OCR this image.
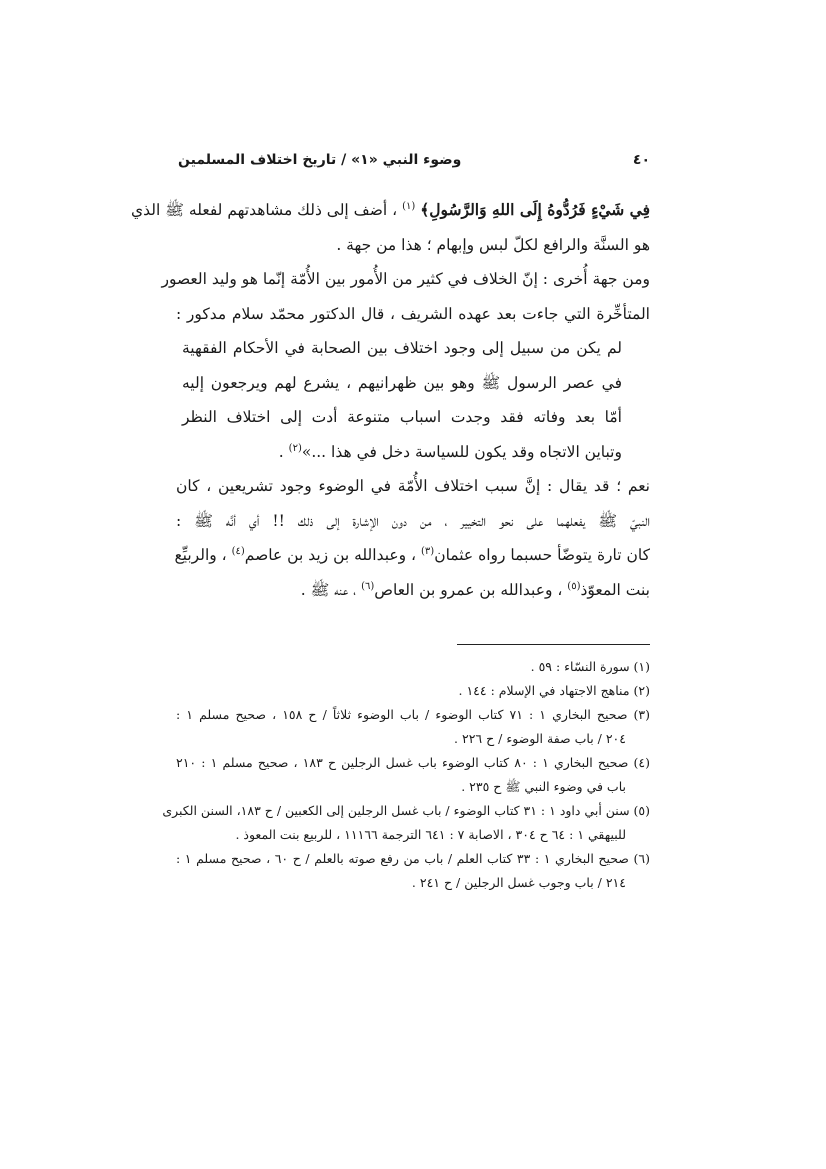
٤٠
وضوء النبي «١» / تاريخ اختلاف المسلمين
فِي شَيْءٍ فَرُدُّوهُ إِلَى اللهِ وَالرَّسُولِ﴾ $^{(١)}$ ، أضف إلى ذلك مشاهدتهم لفعله ﷺ الذي
هو السنَّة والرافع لكلّ لبس وإبهام ؛ هذا من جهة .
ومن جهة أُخرى : إنّ الخلاف في كثير من الأُمور بين الأُمّة إنّما هو وليد العصور
المتأخِّرة التي جاءت بعد عهده الشريف ، قال الدكتور محمّد سلام مدكور :
لم يكن من سبيل إلى وجود اختلاف بين الصحابة في الأحكام الفقهية
في عصر الرسول ﷺ وهو بين ظهرانيهم ، يشرع لهم ويرجعون إليه
أمّا بعد وفاته فقد وجدت اسباب متنوعة أدت إلى اختلاف النظر
وتباين الاتجاه وقد يكون للسياسة دخل في هذا ...»$^{(٢)}$ .
نعم ؛ قد يقال : إنَّ سبب اختلاف الأُمّة في الوضوء وجود تشريعين ، كان
النبيّ ﷺ يفعلهما على نحو التخيير ، من دون الإشارة إلى ذلك !! أي أنَّه ﷺ :
كان تارة يتوضّأ حسبما رواه عثمان$^{(٣)}$ ، وعبدالله بن زيد بن عاصم$^{(٤)}$ ، والربيِّع
بنت المعوّذ$^{(٥)}$ ، وعبدالله بن عمرو بن العاص$^{(٦)}$ ، عنه ﷺ .
(١) سورة النسّاء : ٥٩ .
(٢) مناهج الاجتهاد في الإسلام : ١٤٤ .
(٣) صحيح البخاري ١ : ٧١ كتاب الوضوء / باب الوضوء ثلاثاً / ح ١٥٨ ، صحيح مسلم ١ :
٢٠٤ / باب صفة الوضوء / ح ٢٢٦ .
(٤) صحيح البخاري ١ : ٨٠ كتاب الوضوء باب غسل الرجلين ح ١٨٣ ، صحيح مسلم ١ : ٢١٠
باب في وضوء النبي ﷺ ح ٢٣٥ .
(٥) سنن أبي داود ١ : ٣١ كتاب الوضوء / باب غسل الرجلين إلى الكعبين / ح ١٨٣، السنن الكبرى
للبيهقي ١ : ٦٤ ح ٣٠٤ ، الاصابة ٧ : ٦٤١ الترجمة ١١١٦٦ ، للربيع بنت المعوذ .
(٦) صحيح البخاري ١ : ٣٣ كتاب العلم / باب من رفع صوته بالعلم / ح ٦٠ ، صحيح مسلم ١ :
٢١٤ / باب وجوب غسل الرجلين / ح ٢٤١ .
